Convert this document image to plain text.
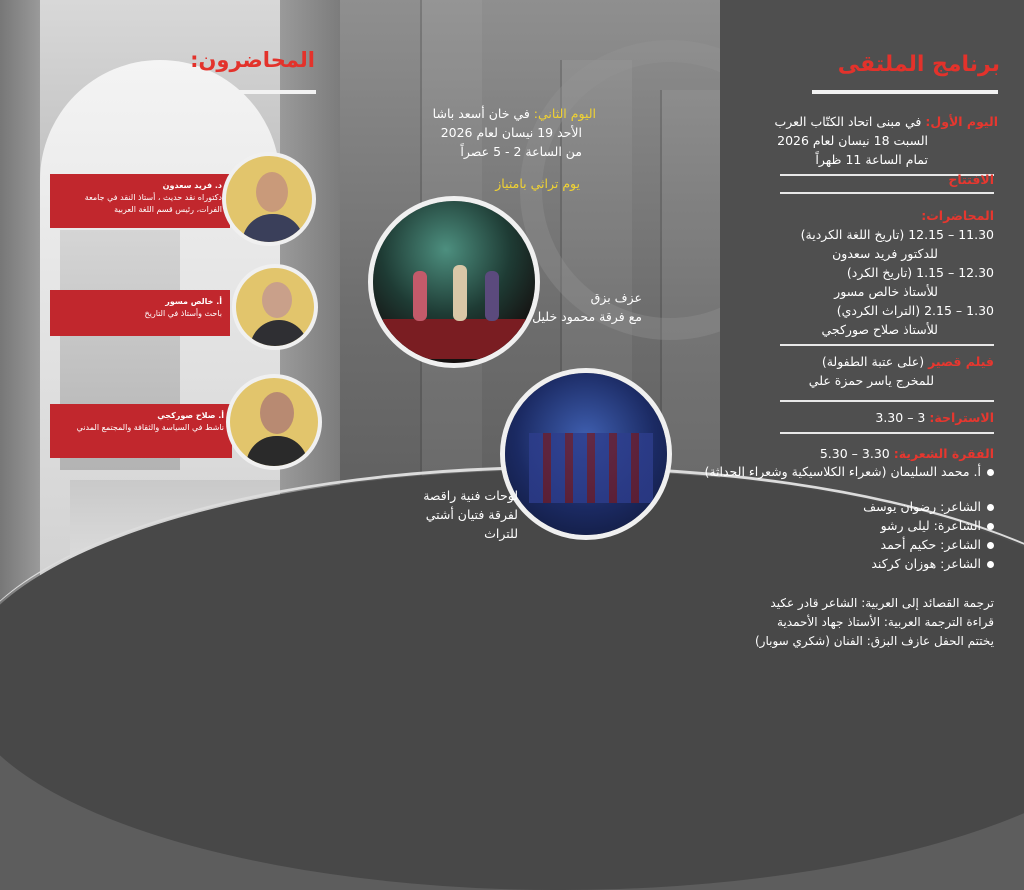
برنامج الملتقى
اليوم الأول: في مبنى اتحاد الكتّاب العرب
السبت 18 نيسان لعام 2026
تمام الساعة 11 ظهراً
الافتتاح
المحاضرات:
11.30 – 12.15 (تاريخ اللغة الكردية)
للدكتور فريد سعدون
12.30 – 1.15 (تاريخ الكرد)
للأستاذ خالص مسور
1.30 – 2.15 (التراث الكردي)
للأستاذ صلاح صوركجي
فيلم قصير (على عتبة الطفولة)
للمخرج ياسر حمزة علي
الاستراحة: 3 – 3.30
الفقرة الشعرية: 3.30 – 5.30
أ. محمد السليمان (شعراء الكلاسيكية وشعراء الحداثة)
الشاعر: رضوان يوسف
الشاعرة: ليلى رشو
الشاعر: حكيم أحمد
الشاعر: هوزان كركند
ترجمة القصائد إلى العربية: الشاعر قادر عكيد
قراءة الترجمة العربية: الأستاذ جهاد الأحمدية
يختتم الحفل عازف البزق: الفنان (شكري سوبار)
اليوم الثاني: في خان أسعد باشا
الأحد 19 نيسان لعام 2026
من الساعة 2 - 5 عصراً
يوم تراثي بامتياز
عزف بزق
مع فرقة محمود خليل
لوحات فنية راقصة
لفرقة فتيان أشتي للتراث
المحاضرون:
د. فريد سعدون
دكتوراه نقد حديث ، أستاذ النقد في جامعة الفرات، رئيس قسم اللغة العربية
أ. خالص مسور
باحث وأستاذ في التاريخ
أ. صلاح صوركجي
ناشط في السياسة والثقافة والمجتمع المدني
